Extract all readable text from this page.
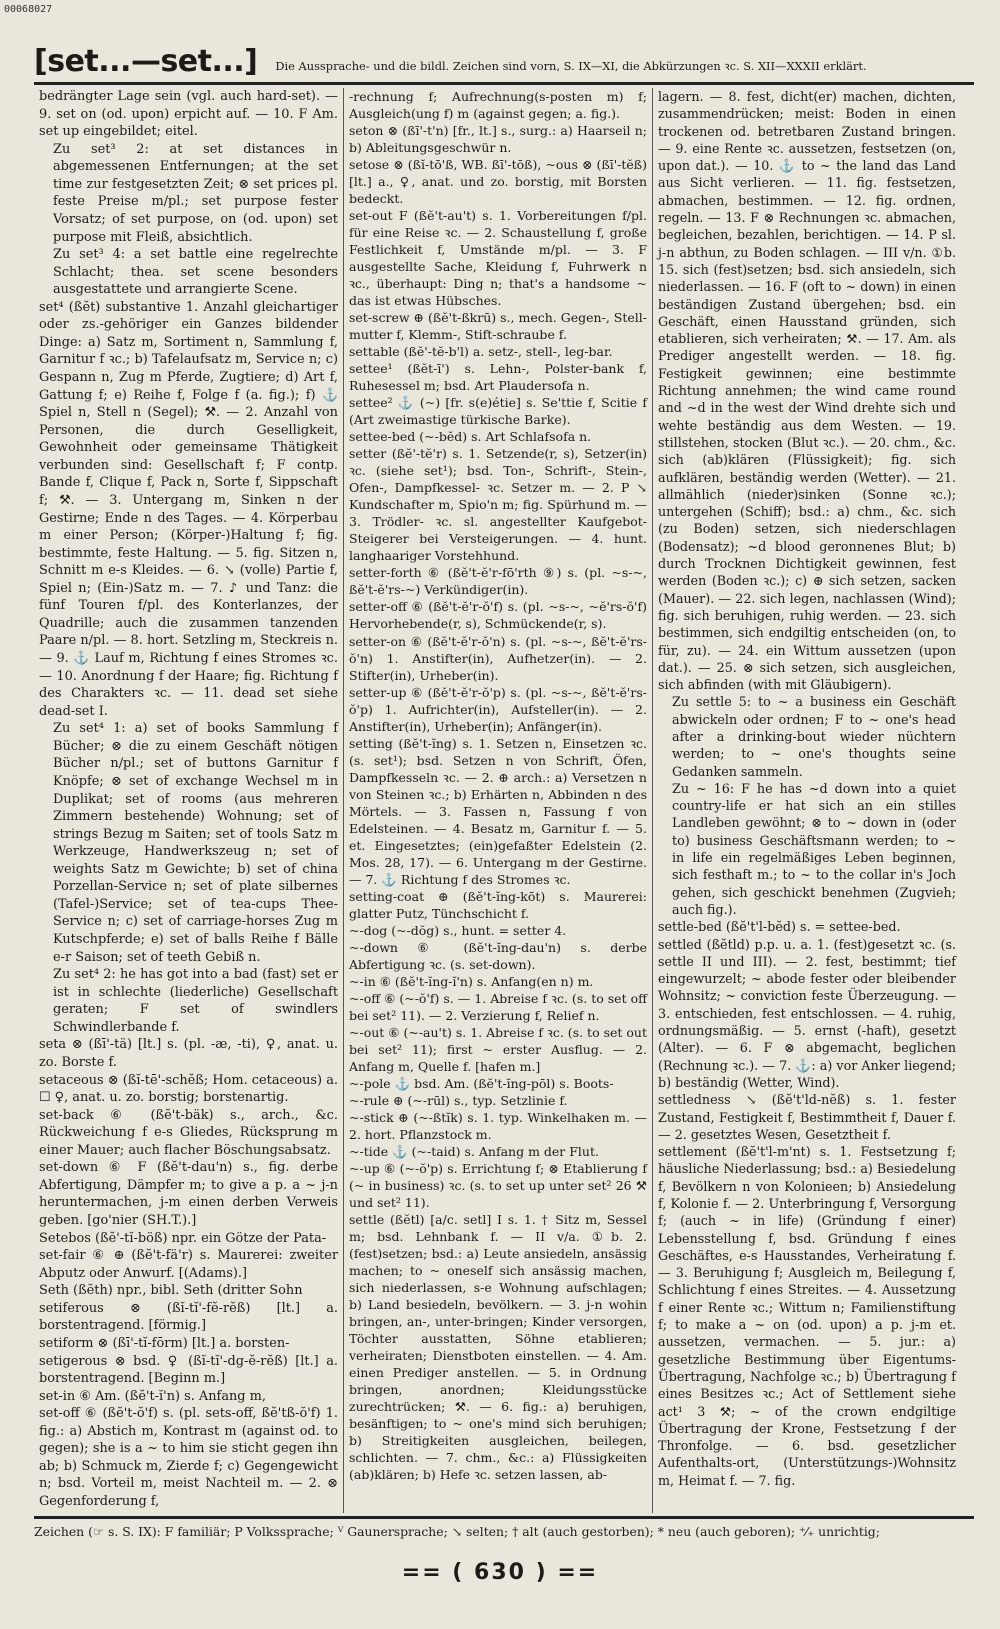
00068027
[set...—set...] Die Aussprache- und die bildl. Zeichen sind vorn, S. IX—XI, die Abkürzungen ꝛc. S. XII—XXXII erklärt.

bedrängter Lage sein (vgl. auch hard-set). — 9. set on (od. upon) erpicht auf. — 10. F Am. set up eingebildet; eitel.

Zu set³ 2: at set distances in abgemessenen Entfernungen; at the set time zur festgesetzten Zeit; ⊗ set prices pl. feste Preise m/pl.; set purpose fester Vorsatz; of set purpose, on (od. upon) set purpose mit Fleiß, absichtlich.

Zu set³ 4: a set battle eine regelrechte Schlacht; thea. set scene besonders ausgestattete und arrangierte Scene.

set⁴ (ßĕt) substantive 1. Anzahl gleichartiger oder zs.-gehöriger ein Ganzes bildender Dinge: a) Satz m, Sortiment n, Sammlung f, Garnitur f ꝛc.; b) Tafelaufsatz m, Service n; c) Gespann n, Zug m Pferde, Zugtiere; d) Art f, Gattung f; e) Reihe f, Folge f (a. fig.); f) ⚓ Spiel n, Stell n (Segel); ⚒. — 2. Anzahl von Personen, die durch Geselligkeit, Gewohnheit oder gemeinsame Thätigkeit verbunden sind: Gesellschaft f; F contp. Bande f, Clique f, Pack n, Sorte f, Sippschaft f; ⚒. — 3. Untergang m, Sinken n der Gestirne; Ende n des Tages. — 4. Körperbau m einer Person; (Körper-)Haltung f; fig. bestimmte, feste Haltung. — 5. fig. Sitzen n, Schnitt m e-s Kleides. — 6. ↘ (volle) Partie f, Spiel n; (Ein-)Satz m. — 7. ♪ und Tanz: die fünf Touren f/pl. des Konterlanzes, der Quadrille; auch die zusammen tanzenden Paare n/pl. — 8. hort. Setzling m, Steckreis n. — 9. ⚓ Lauf m, Richtung f eines Stromes ꝛc. — 10. Anordnung f der Haare; fig. Richtung f des Charakters ꝛc. — 11. dead set siehe dead-set I.

Zu set⁴ 1: a) set of books Sammlung f Bücher; ⊗ die zu einem Geschäft nötigen Bücher n/pl.; set of buttons Garnitur f Knöpfe; ⊗ set of exchange Wechsel m in Duplikat; set of rooms (aus mehreren Zimmern bestehende) Wohnung; set of strings Bezug m Saiten; set of tools Satz m Werkzeuge, Handwerkszeug n; set of weights Satz m Gewichte; b) set of china Porzellan-Service n; set of plate silbernes (Tafel-)Service; set of tea-cups Thee-Service n; c) set of carriage-horses Zug m Kutschpferde; e) set of balls Reihe f Bälle e-r Saison; set of teeth Gebiß n.

Zu set⁴ 2: he has got into a bad (fast) set er ist in schlechte (liederliche) Gesellschaft geraten; F set of swindlers Schwindlerbande f.

seta ⊗ (ßī'-tä) [lt.] s. (pl. -æ, -ti), ♀, anat. u. zo. Borste f.

setaceous ⊗ (ßĭ-tē'-schĕß; Hom. cetaceous) a. ☐ ♀, anat. u. zo. borstig; borstenartig.

set-back ⑥ (ßĕ't-bäk) s., arch., &c. Rückweichung f e-s Gliedes, Rücksprung m einer Mauer; auch flacher Böschungsabsatz.

set-down ⑥ F (ßĕ't-dau'n) s., fig. derbe Abfertigung, Dämpfer m; to give a p. a ~ j-n heruntermachen, j-m einen derben Verweis geben. [go'nier (SH.T.).]

Setebos (ßĕ'-tĭ-böß) npr. ein Götze der Pata-

set-fair ⑥ ⊕ (ßĕ't-fä'r) s. Maurerei: zweiter Abputz oder Anwurf. [(Adams).]

Seth (ßĕth) npr., bibl. Seth (dritter Sohn

setiferous ⊗ (ßĭ-tĭ'-fĕ-rĕß) [lt.] a. borstentragend. [förmig.]

setiform ⊗ (ßī'-tĭ-fōrm) [lt.] a. borsten-

setigerous ⊗ bsd. ♀ (ßĭ-tĭ'-dg-ĕ-rĕß) [lt.] a. borstentragend. [Beginn m.]

set-in ⑥ Am. (ßĕ't-ĭ'n) s. Anfang m,

set-off ⑥ (ßĕ't-ŏ'f) s. (pl. sets-off, ßĕ'tß-ŏ'f) 1. fig.: a) Abstich m, Kontrast m (against od. to gegen); she is a ~ to him sie sticht gegen ihn ab; b) Schmuck m, Zierde f; c) Gegengewicht n; bsd. Vorteil m, meist Nachteil m. — 2. ⊗ Gegenforderung f,

-rechnung f; Aufrechnung(s-posten m) f; Ausgleich(ung f) m (against gegen; a. fig.).

seton ⊗ (ßī'-t'n) [fr., lt.] s., surg.: a) Haarseil n; b) Ableitungsgeschwür n.

setose ⊗ (ßĭ-tō'ß, WB. ßī'-tōß), ~ous ⊗ (ßī'-tĕß) [lt.] a., ♀, anat. und zo. borstig, mit Borsten bedeckt.

set-out F (ßĕ't-au't) s. 1. Vorbereitungen f/pl. für eine Reise ꝛc. — 2. Schaustellung f, große Festlichkeit f, Umstände m/pl. — 3. F ausgestellte Sache, Kleidung f, Fuhrwerk n ꝛc., überhaupt: Ding n; that's a handsome ~ das ist etwas Hübsches.

set-screw ⊕ (ßĕ't-ßkrū) s., mech. Gegen-, Stell-mutter f, Klemm-, Stift-schraube f.

settable (ßĕ'-tĕ-b'l) a. setz-, stell-, leg-bar.

settee¹ (ßĕt-ī') s. Lehn-, Polster-bank f, Ruhesessel m; bsd. Art Plaudersofa n.

settee² ⚓ (~) [fr. s(e)étie] s. Se'ttie f, Scitie f (Art zweimastige türkische Barke).

settee-bed (~-bĕd) s. Art Schlafsofa n.

setter (ßĕ'-tĕ'r) s. 1. Setzende(r, s), Setzer(in) ꝛc. (siehe set¹); bsd. Ton-, Schrift-, Stein-, Ofen-, Dampfkessel- ꝛc. Setzer m. — 2. P ↘ Kundschafter m, Spio'n m; fig. Spürhund m. — 3. Trödler- ꝛc. sl. angestellter Kaufgebot-Steigerer bei Versteigerungen. — 4. hunt. langhaariger Vorstehhund.

setter-forth ⑥ (ßĕ't-ĕ'r-fō'rth ⑨) s. (pl. ~s-~, ßĕ't-ĕ'rs-~) Verkündiger(in).

setter-off ⑥ (ßĕ't-ĕ'r-ŏ'f) s. (pl. ~s-~, ~ĕ'rs-ŏ'f) Hervorhebende(r, s), Schmückende(r, s).

setter-on ⑥ (ßĕ't-ĕ'r-ŏ'n) s. (pl. ~s-~, ßĕ't-ĕ'rs-ŏ'n) 1. Anstifter(in), Aufhetzer(in). — 2. Stifter(in), Urheber(in).

setter-up ⑥ (ßĕ't-ĕ'r-ŏ'p) s. (pl. ~s-~, ßĕ't-ĕ'rs-ŏ'p) 1. Aufrichter(in), Aufsteller(in). — 2. Anstifter(in), Urheber(in); Anfänger(in).

setting (ßĕ't-ĭng) s. 1. Setzen n, Einsetzen ꝛc. (s. set¹); bsd. Setzen n von Schrift, Öfen, Dampfkesseln ꝛc. — 2. ⊕ arch.: a) Versetzen n von Steinen ꝛc.; b) Erhärten n, Abbinden n des Mörtels. — 3. Fassen n, Fassung f von Edelsteinen. — 4. Besatz m, Garnitur f. — 5. et. Eingesetztes; (ein)gefaßter Edelstein (2. Mos. 28, 17). — 6. Untergang m der Gestirne. — 7. ⚓ Richtung f des Stromes ꝛc.

setting-coat ⊕ (ßĕ't-ĭng-kōt) s. Maurerei: glatter Putz, Tünchschicht f.

~-dog (~-dŏg) s., hunt. = setter 4.

~-down ⑥ (ßĕ't-ĭng-dau'n) s. derbe Abfertigung ꝛc. (s. set-down).

~-in ⑥ (ßĕ't-ĭng-ĭ'n) s. Anfang(en n) m.

~-off ⑥ (~-ŏ'f) s. — 1. Abreise f ꝛc. (s. to set off bei set² 11). — 2. Verzierung f, Relief n.

~-out ⑥ (~-au't) s. 1. Abreise f ꝛc. (s. to set out bei set² 11); first ~ erster Ausflug. — 2. Anfang m, Quelle f. [hafen m.]

~-pole ⚓ bsd. Am. (ßĕ't-ĭng-pōl) s. Boots-

~-rule ⊕ (~-rūl) s., typ. Setzlinie f.

~-stick ⊕ (~-ßtĭk) s. 1. typ. Winkelhaken m. — 2. hort. Pflanzstock m.

~-tide ⚓ (~-taid) s. Anfang m der Flut.

~-up ⑥ (~-ŏ'p) s. Errichtung f; ⊗ Etablierung f (~ in business) ꝛc. (s. to set up unter set² 26 ⚒ und set² 11).

settle (ßĕtl) [a/c. setl] I s. 1. † Sitz m, Sessel m; bsd. Lehnbank f. — II v/a. ①b. 2. (fest)setzen; bsd.: a) Leute ansiedeln, ansässig machen; to ~ oneself sich ansässig machen, sich niederlassen, s-e Wohnung aufschlagen; b) Land besiedeln, bevölkern. — 3. j-n wohin bringen, an-, unter-bringen; Kinder versorgen, Töchter ausstatten, Söhne etablieren; verheiraten; Dienstboten einstellen. — 4. Am. einen Prediger anstellen. — 5. in Ordnung bringen, anordnen; Kleidungsstücke zurechtrücken; ⚒. — 6. fig.: a) beruhigen, besänftigen; to ~ one's mind sich beruhigen; b) Streitigkeiten ausgleichen, beilegen, schlichten. — 7. chm., &c.: a) Flüssigkeiten (ab)klären; b) Hefe ꝛc. setzen lassen, ab-

lagern. — 8. fest, dicht(er) machen, dichten, zusammendrücken; meist: Boden in einen trockenen od. betretbaren Zustand bringen. — 9. eine Rente ꝛc. aussetzen, festsetzen (on, upon dat.). — 10. ⚓ to ~ the land das Land aus Sicht verlieren. — 11. fig. festsetzen, abmachen, bestimmen. — 12. fig. ordnen, regeln. — 13. F ⊗ Rechnungen ꝛc. abmachen, begleichen, bezahlen, berichtigen. — 14. P sl. j-n abthun, zu Boden schlagen. — III v/n. ①b. 15. sich (fest)setzen; bsd. sich ansiedeln, sich niederlassen. — 16. F (oft to ~ down) in einen beständigen Zustand übergehen; bsd. ein Geschäft, einen Hausstand gründen, sich etablieren, sich verheiraten; ⚒. — 17. Am. als Prediger angestellt werden. — 18. fig. Festigkeit gewinnen; eine bestimmte Richtung annehmen; the wind came round and ~d in the west der Wind drehte sich und wehte beständig aus dem Westen. — 19. stillstehen, stocken (Blut ꝛc.). — 20. chm., &c. sich (ab)klären (Flüssigkeit); fig. sich aufklären, beständig werden (Wetter). — 21. allmählich (nieder)sinken (Sonne ꝛc.); untergehen (Schiff); bsd.: a) chm., &c. sich (zu Boden) setzen, sich niederschlagen (Bodensatz); ~d blood geronnenes Blut; b) durch Trocknen Dichtigkeit gewinnen, fest werden (Boden ꝛc.); c) ⊕ sich setzen, sacken (Mauer). — 22. sich legen, nachlassen (Wind); fig. sich beruhigen, ruhig werden. — 23. sich bestimmen, sich endgiltig entscheiden (on, to für, zu). — 24. ein Wittum aussetzen (upon dat.). — 25. ⊗ sich setzen, sich ausgleichen, sich abfinden (with mit Gläubigern).

Zu settle 5: to ~ a business ein Geschäft abwickeln oder ordnen; F to ~ one's head after a drinking-bout wieder nüchtern werden; to ~ one's thoughts seine Gedanken sammeln.

Zu ~ 16: F he has ~d down into a quiet country-life er hat sich an ein stilles Landleben gewöhnt; ⊗ to ~ down in (oder to) business Geschäftsmann werden; to ~ in life ein regelmäßiges Leben beginnen, sich festhaft m.; to ~ to the collar in's Joch gehen, sich geschickt benehmen (Zugvieh; auch fig.).

settle-bed (ßĕ't'l-bĕd) s. = settee-bed.

settled (ßĕtld) p.p. u. a. 1. (fest)gesetzt ꝛc. (s. settle II und III). — 2. fest, bestimmt; tief eingewurzelt; ~ abode fester oder bleibender Wohnsitz; ~ conviction feste Überzeugung. — 3. entschieden, fest entschlossen. — 4. ruhig, ordnungsmäßig. — 5. ernst (-haft), gesetzt (Alter). — 6. F ⊗ abgemacht, beglichen (Rechnung ꝛc.). — 7. ⚓: a) vor Anker liegend; b) beständig (Wetter, Wind).

settledness ↘ (ßĕ't'ld-nĕß) s. 1. fester Zustand, Festigkeit f, Bestimmtheit f, Dauer f. — 2. gesetztes Wesen, Gesetztheit f.

settlement (ßĕ't'l-m'nt) s. 1. Festsetzung f; häusliche Niederlassung; bsd.: a) Besiedelung f, Bevölkern n von Kolonieen; b) Ansiedelung f, Kolonie f. — 2. Unterbringung f, Versorgung f; (auch ~ in life) (Gründung f einer) Lebensstellung f, bsd. Gründung f eines Geschäftes, e-s Hausstandes, Verheiratung f. — 3. Beruhigung f; Ausgleich m, Beilegung f, Schlichtung f eines Streites. — 4. Aussetzung f einer Rente ꝛc.; Wittum n; Familienstiftung f; to make a ~ on (od. upon) a p. j-m et. aussetzen, vermachen. — 5. jur.: a) gesetzliche Bestimmung über Eigentums-Übertragung, Nachfolge ꝛc.; b) Übertragung f eines Besitzes ꝛc.; Act of Settlement siehe act¹ 3 ⚒; ~ of the crown endgiltige Übertragung der Krone, Festsetzung f der Thronfolge. — 6. bsd. gesetzlicher Aufenthalts-ort, (Unterstützungs-)Wohnsitz m, Heimat f. — 7. fig.

Zeichen (☞ s. S. IX): F familiär; P Volkssprache; ⱽ Gaunersprache; ↘ selten; † alt (auch gestorben); * neu (auch geboren); ⁺⁄₊ unrichtig;
== ( 630 ) ==
